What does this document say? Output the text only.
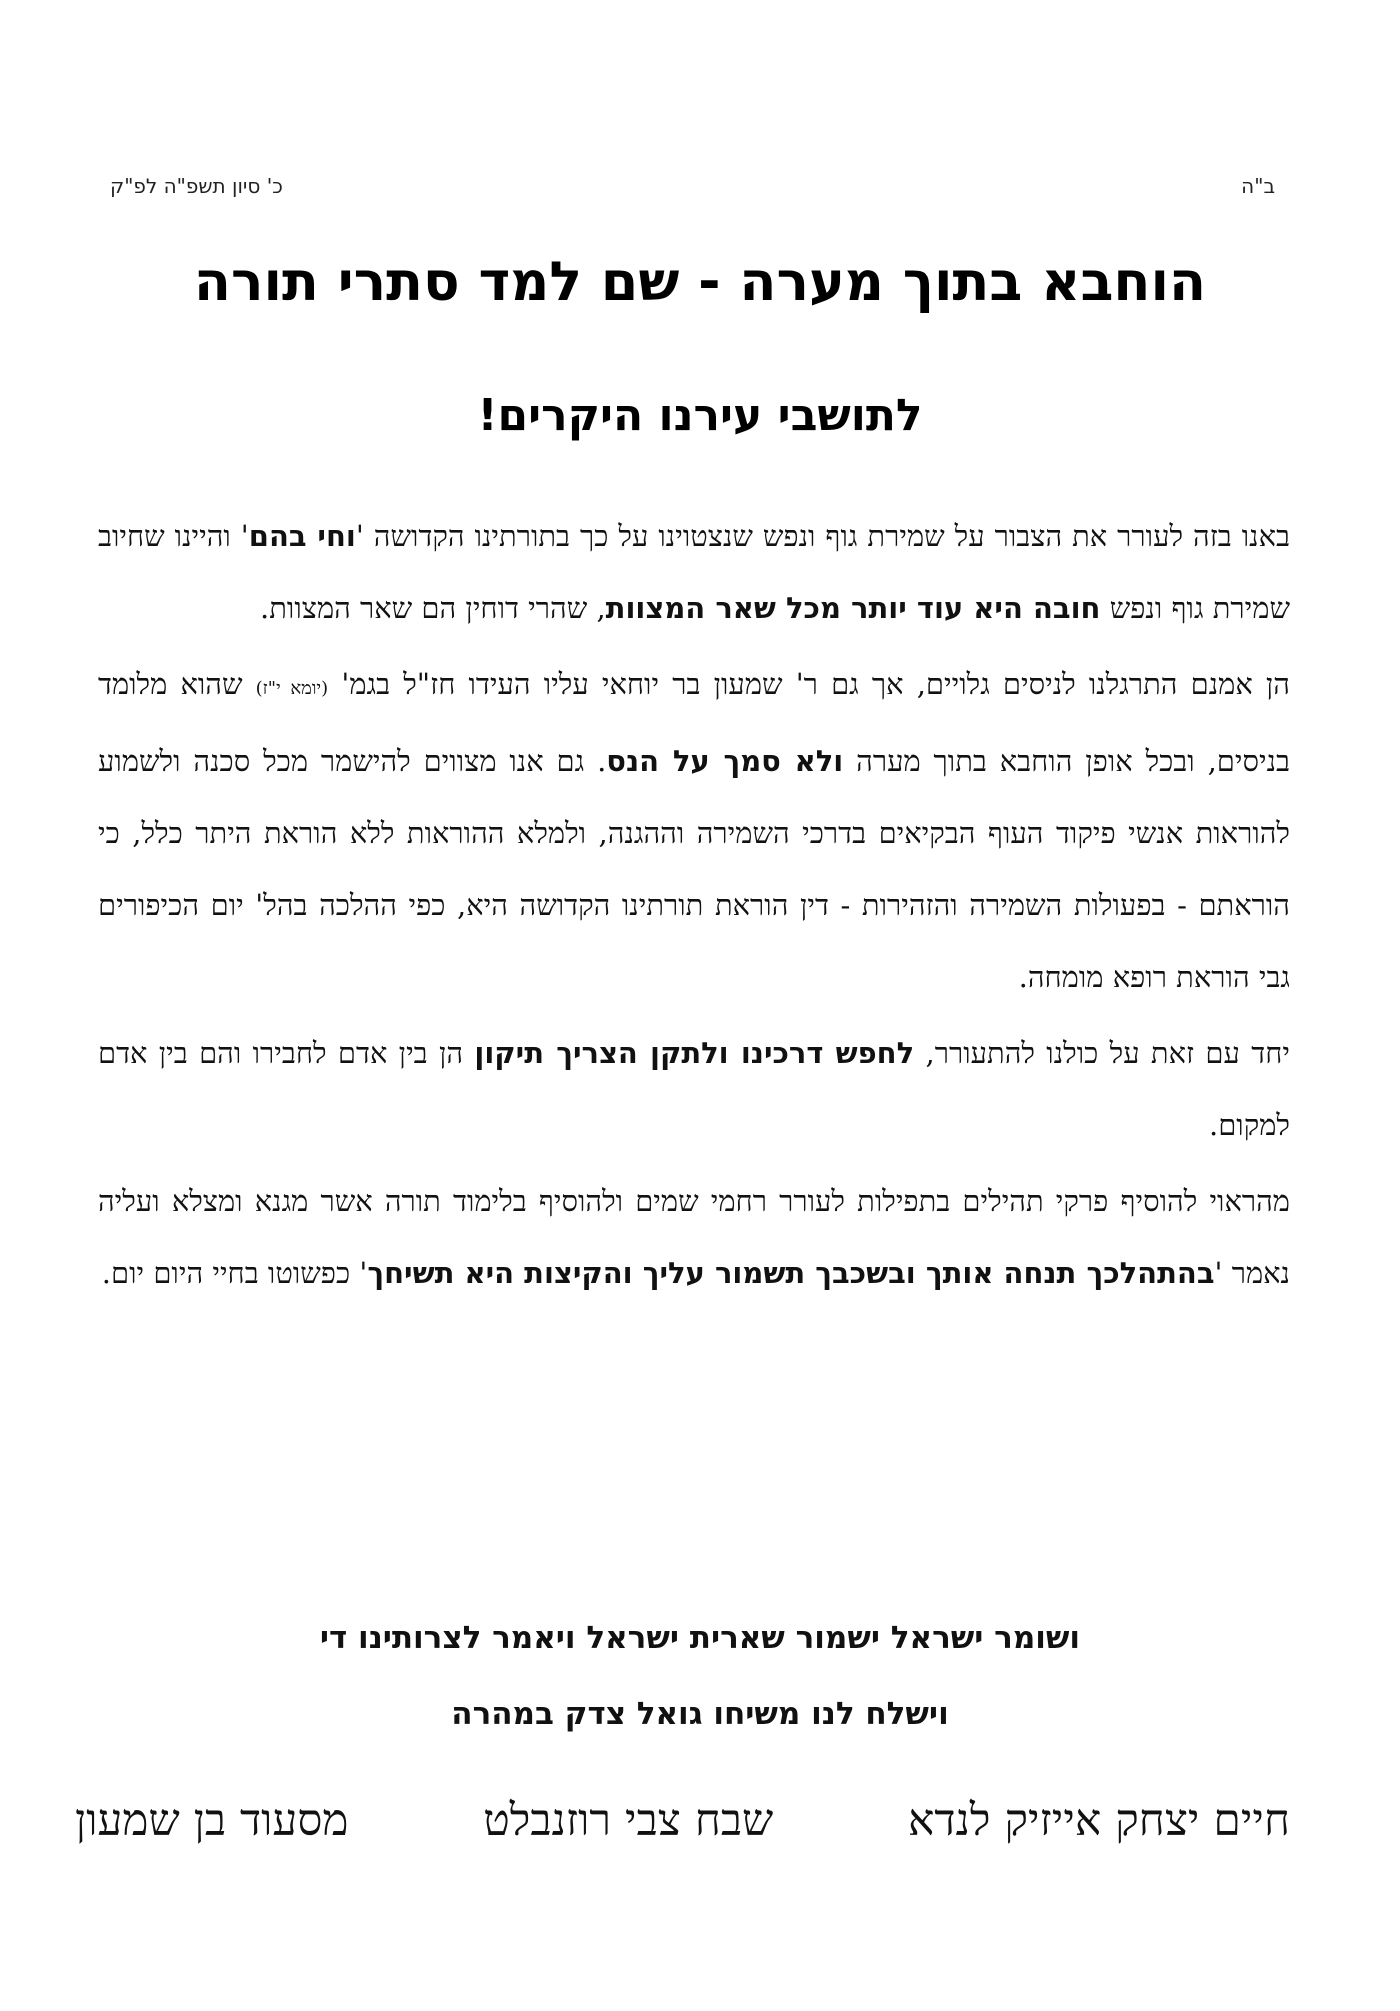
ב"ה
כ' סיון תשפ"ה לפ"ק
הוחבא בתוך מערה - שם למד סתרי תורה
לתושבי עירנו היקרים!

באנו בזה לעורר את הצבור על שמירת גוף ונפש שנצטוינו על כך בתורתינו הקדושה 'וחי בהם' והיינו שחיוב שמירת גוף ונפש חובה היא עוד יותר מכל שאר המצוות, שהרי דוחין הם שאר המצוות.

הן אמנם התרגלנו לניסים גלויים, אך גם ר' שמעון בר יוחאי עליו העידו חז"ל בגמ' (יומא י"ז) שהוא מלומד בניסים, ובכל אופן הוחבא בתוך מערה ולא סמך על הנס. גם אנו מצווים להישמר מכל סכנה ולשמוע להוראות אנשי פיקוד העוף הבקיאים בדרכי השמירה וההגנה, ולמלא ההוראות ללא הוראת היתר כלל, כי הוראתם - בפעולות השמירה והזהירות - דין הוראת תורתינו הקדושה היא, כפי ההלכה בהל' יום הכיפורים גבי הוראת רופא מומחה.

יחד עם זאת על כולנו להתעורר, לחפש דרכינו ולתקן הצריך תיקון הן בין אדם לחבירו והם בין אדם למקום.

מהראוי להוסיף פרקי תהילים בתפילות לעורר רחמי שמים ולהוסיף בלימוד תורה אשר מגנא ומצלא ועליה נאמר 'בהתהלכך תנחה אותך ובשכבך תשמור עליך והקיצות היא תשיחך' כפשוטו בחיי היום יום.

ושומר ישראל ישמור שארית ישראל ויאמר לצרותינו די
וישלח לנו משיחו גואל צדק במהרה
חיים יצחק אייזיק לנדא
שבח צבי רוזנבלט
מסעוד בן שמעון
